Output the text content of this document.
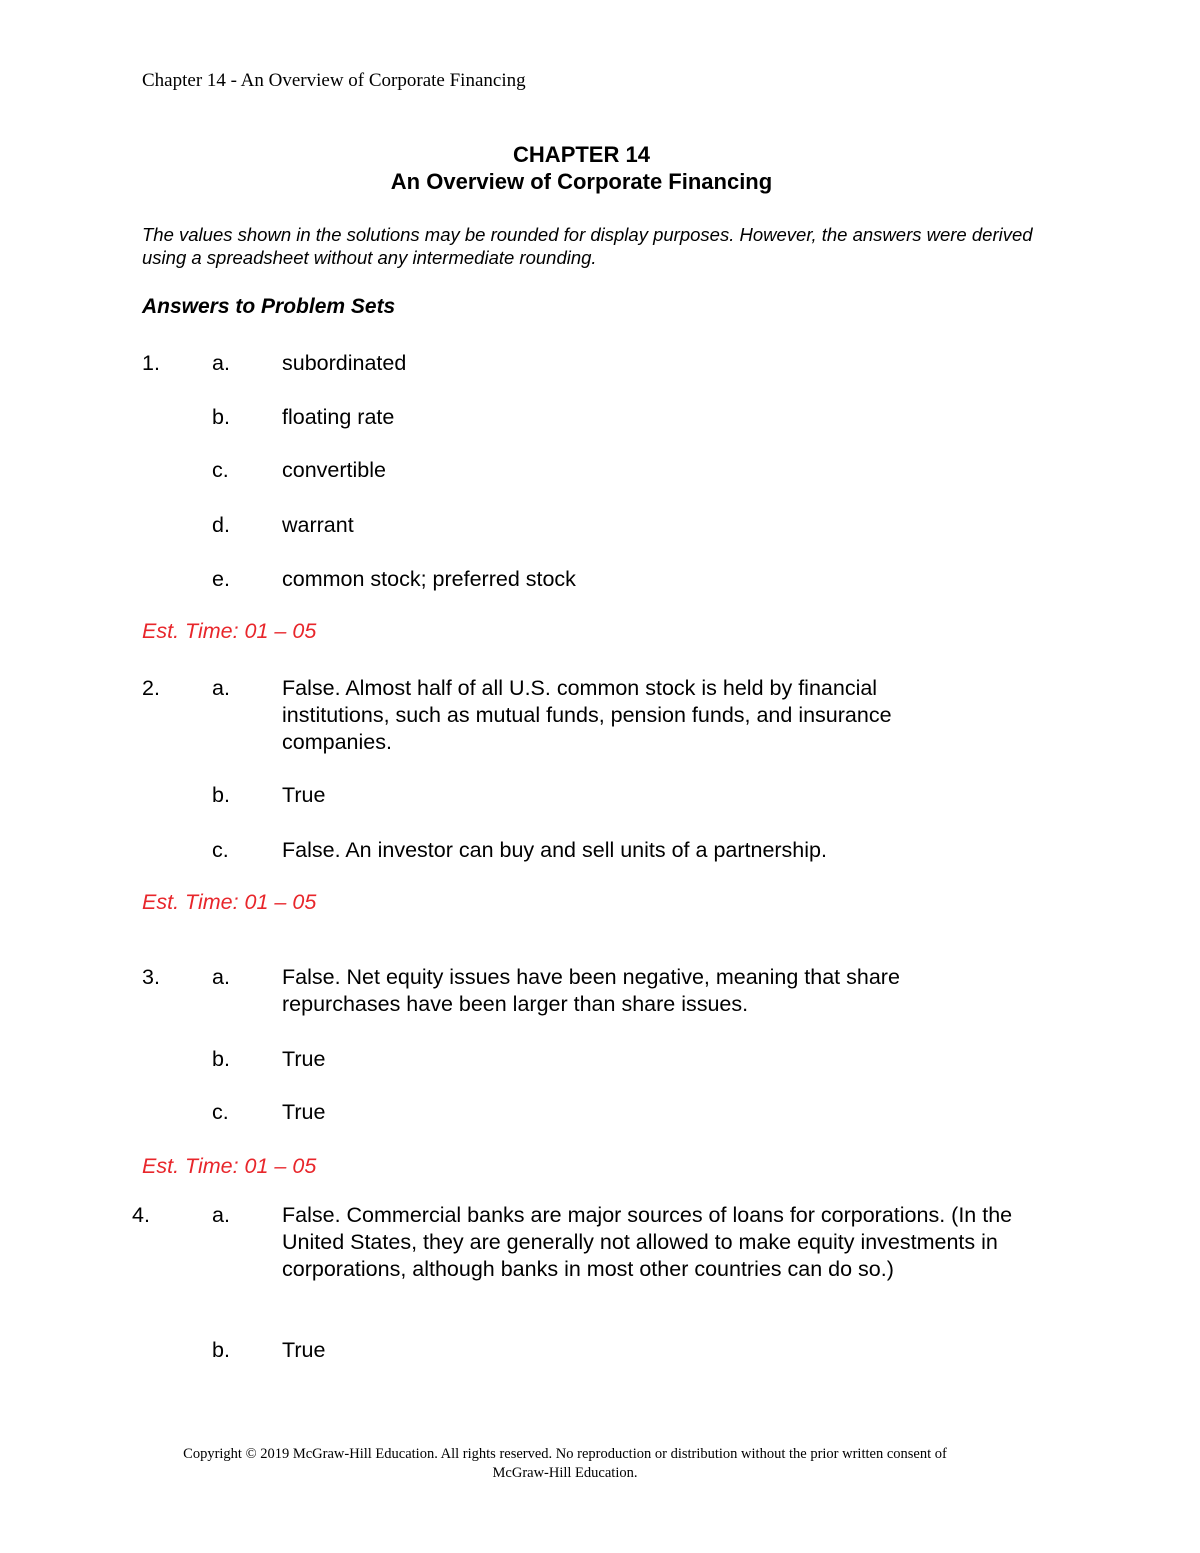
Chapter 14 - An Overview of Corporate Financing
CHAPTER 14
An Overview of Corporate Financing
The values shown in the solutions may be rounded for display purposes. However, the answers were derived using a spreadsheet without any intermediate rounding.
Answers to Problem Sets
1. a. subordinated
b. floating rate
c. convertible
d. warrant
e. common stock; preferred stock
Est. Time: 01 – 05
2. a. False. Almost half of all U.S. common stock is held by financial institutions, such as mutual funds, pension funds, and insurance companies.
b. True
c. False. An investor can buy and sell units of a partnership.
Est. Time: 01 – 05
3. a. False. Net equity issues have been negative, meaning that share repurchases have been larger than share issues.
b. True
c. True
Est. Time: 01 – 05
4.	a. False. Commercial banks are major sources of loans for corporations. (In the United States, they are generally not allowed to make equity investments in corporations, although banks in most other countries can do so.)
b. True
Copyright © 2019 McGraw-Hill Education. All rights reserved. No reproduction or distribution without the prior written consent of
McGraw-Hill Education.
